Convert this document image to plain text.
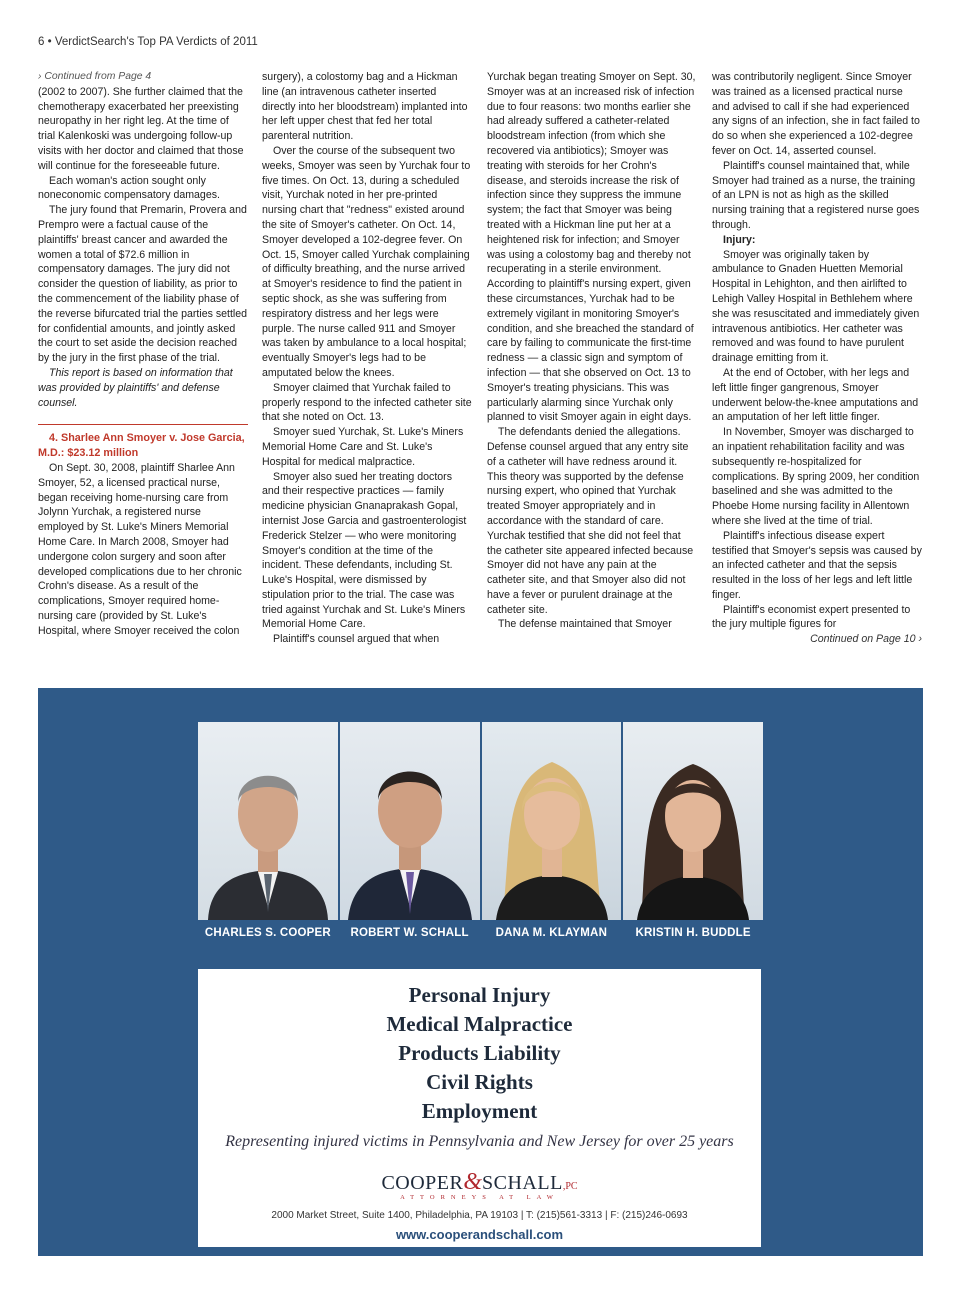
6 • VerdictSearch's Top PA Verdicts of 2011

› Continued from Page 4

(2002 to 2007). She further claimed that the chemotherapy exacerbated her preexisting neuropathy in her right leg. At the time of trial Kalenkoski was undergoing follow-up visits with her doctor and claimed that those will continue for the foreseeable future.

Each woman's action sought only noneconomic compensatory damages.

The jury found that Premarin, Provera and Prempro were a factual cause of the plaintiffs' breast cancer and awarded the women a total of $72.6 million in compensatory damages. The jury did not consider the question of liability, as prior to the commencement of the liability phase of the reverse bifurcated trial the parties settled for confidential amounts, and jointly asked the court to set aside the decision reached by the jury in the first phase of the trial.

This report is based on information that was provided by plaintiffs' and defense counsel.

4. Sharlee Ann Smoyer v. Jose Garcia, M.D.: $23.12 million

On Sept. 30, 2008, plaintiff Sharlee Ann Smoyer, 52, a licensed practical nurse, began receiving home-nursing care from Jolynn Yurchak, a registered nurse employed by St. Luke's Miners Memorial Home Care. In March 2008, Smoyer had undergone colon surgery and soon after developed complications due to her chronic Crohn's disease. As a result of the complications, Smoyer required home-nursing care (provided by St. Luke's Hospital, where Smoyer received the colon

surgery), a colostomy bag and a Hickman line (an intravenous catheter inserted directly into her bloodstream) implanted into her left upper chest that fed her total parenteral nutrition.

Over the course of the subsequent two weeks, Smoyer was seen by Yurchak four to five times. On Oct. 13, during a scheduled visit, Yurchak noted in her pre-printed nursing chart that "redness" existed around the site of Smoyer's catheter. On Oct. 14, Smoyer developed a 102-degree fever. On Oct. 15, Smoyer called Yurchak complaining of difficulty breathing, and the nurse arrived at Smoyer's residence to find the patient in septic shock, as she was suffering from respiratory distress and her legs were purple. The nurse called 911 and Smoyer was taken by ambulance to a local hospital; eventually Smoyer's legs had to be amputated below the knees.

Smoyer claimed that Yurchak failed to properly respond to the infected catheter site that she noted on Oct. 13.

Smoyer sued Yurchak, St. Luke's Miners Memorial Home Care and St. Luke's Hospital for medical malpractice.

Smoyer also sued her treating doctors and their respective practices — family medicine physician Gnanaprakash Gopal, internist Jose Garcia and gastroenterologist Frederick Stelzer — who were monitoring Smoyer's condition at the time of the incident. These defendants, including St. Luke's Hospital, were dismissed by stipulation prior to the trial. The case was tried against Yurchak and St. Luke's Miners Memorial Home Care.

Plaintiff's counsel argued that when

Yurchak began treating Smoyer on Sept. 30, Smoyer was at an increased risk of infection due to four reasons: two months earlier she had already suffered a catheter-related bloodstream infection (from which she recovered via antibiotics); Smoyer was treating with steroids for her Crohn's disease, and steroids increase the risk of infection since they suppress the immune system; the fact that Smoyer was being treated with a Hickman line put her at a heightened risk for infection; and Smoyer was using a colostomy bag and thereby not recuperating in a sterile environment. According to plaintiff's nursing expert, given these circumstances, Yurchak had to be extremely vigilant in monitoring Smoyer's condition, and she breached the standard of care by failing to communicate the first-time redness — a classic sign and symptom of infection — that she observed on Oct. 13 to Smoyer's treating physicians. This was particularly alarming since Yurchak only planned to visit Smoyer again in eight days.

The defendants denied the allegations. Defense counsel argued that any entry site of a catheter will have redness around it. This theory was supported by the defense nursing expert, who opined that Yurchak treated Smoyer appropriately and in accordance with the standard of care. Yurchak testified that she did not feel that the catheter site appeared infected because Smoyer did not have any pain at the catheter site, and that Smoyer also did not have a fever or purulent drainage at the catheter site.

The defense maintained that Smoyer

was contributorily negligent. Since Smoyer was trained as a licensed practical nurse and advised to call if she had experienced any signs of an infection, she in fact failed to do so when she experienced a 102-degree fever on Oct. 14, asserted counsel.

Plaintiff's counsel maintained that, while Smoyer had trained as a nurse, the training of an LPN is not as high as the skilled nursing training that a registered nurse goes through.

Injury:

Smoyer was originally taken by ambulance to Gnaden Huetten Memorial Hospital in Lehighton, and then airlifted to Lehigh Valley Hospital in Bethlehem where she was resuscitated and immediately given intravenous antibiotics. Her catheter was removed and was found to have purulent drainage emitting from it.

At the end of October, with her legs and left little finger gangrenous, Smoyer underwent below-the-knee amputations and an amputation of her left little finger.

In November, Smoyer was discharged to an inpatient rehabilitation facility and was subsequently re-hospitalized for complications. By spring 2009, her condition baselined and she was admitted to the Phoebe Home nursing facility in Allentown where she lived at the time of trial.

Plaintiff's infectious disease expert testified that Smoyer's sepsis was caused by an infected catheter and that the sepsis resulted in the loss of her legs and left little finger.

Plaintiff's economist expert presented to the jury multiple figures for

Continued on Page 10 ›

CHARLES S. COOPER	ROBERT W. SCHALL	DANA M. KLAYMAN	KRISTIN H. BUDDLE
Personal Injury
Medical Malpractice
Products Liability
Civil Rights
Employment
Representing injured victims in Pennsylvania and New Jersey for over 25 years
COOPER&SCHALL,PC
ATTORNEYS AT LAW
2000 Market Street, Suite 1400, Philadelphia, PA 19103 | T: (215)561-3313 | F: (215)246-0693
www.cooperandschall.com
